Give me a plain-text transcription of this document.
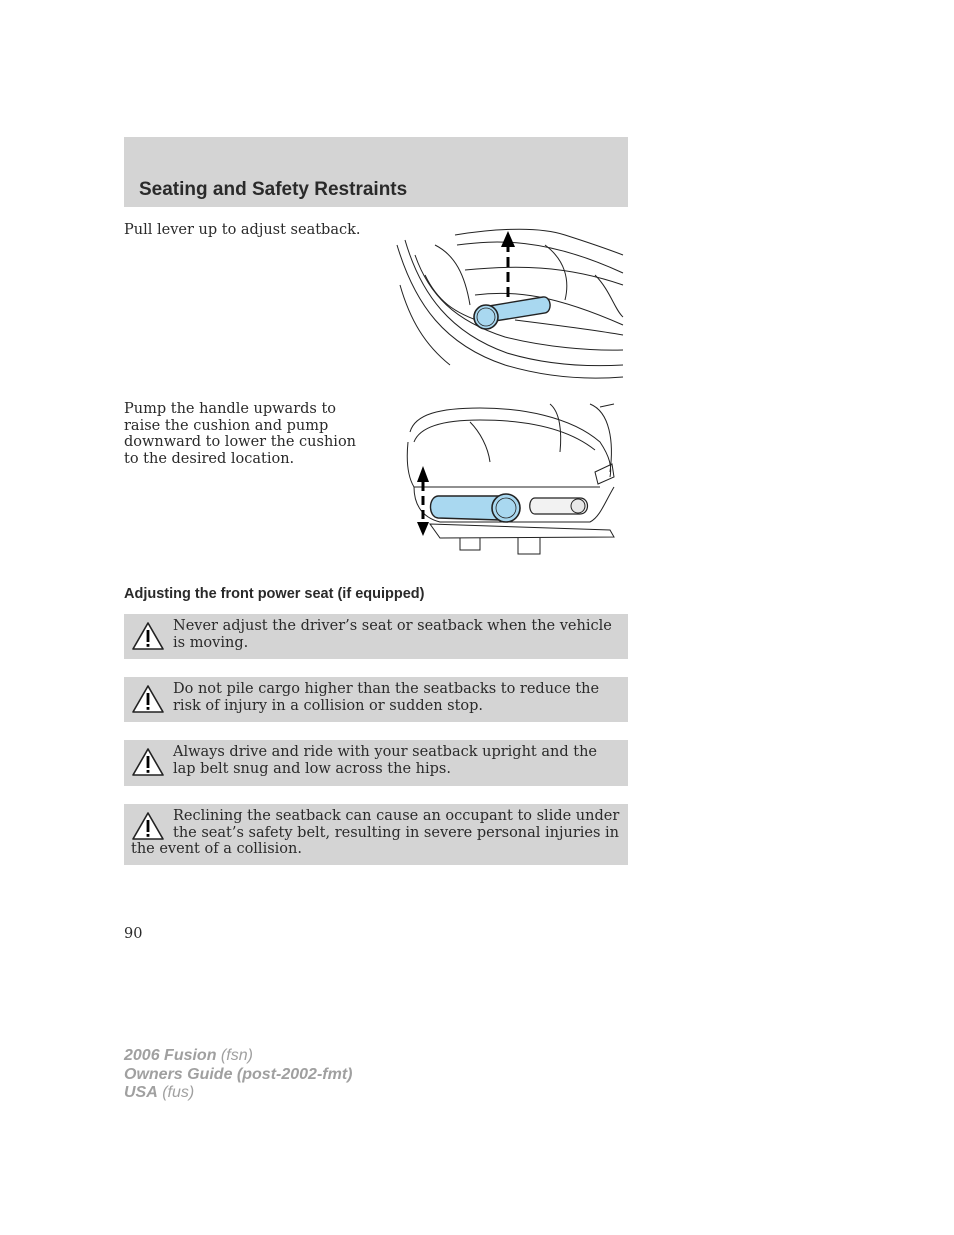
Seating and Safety Restraints
Pull lever up to adjust seatback.
Pump the handle upwards to raise the cushion and pump downward to lower the cushion to the desired location.
Adjusting the front power seat (if equipped)
Never adjust the driver’s seat or seatback when the vehicle is moving.
Do not pile cargo higher than the seatbacks to reduce the risk of injury in a collision or sudden stop.
Always drive and ride with your seatback upright and the lap belt snug and low across the hips.
Reclining the seatback can cause an occupant to slide under the seat’s safety belt, resulting in severe personal injuries in the event of a collision.
90
2006 Fusion (fsn)
Owners Guide (post-2002-fmt)
USA (fus)
